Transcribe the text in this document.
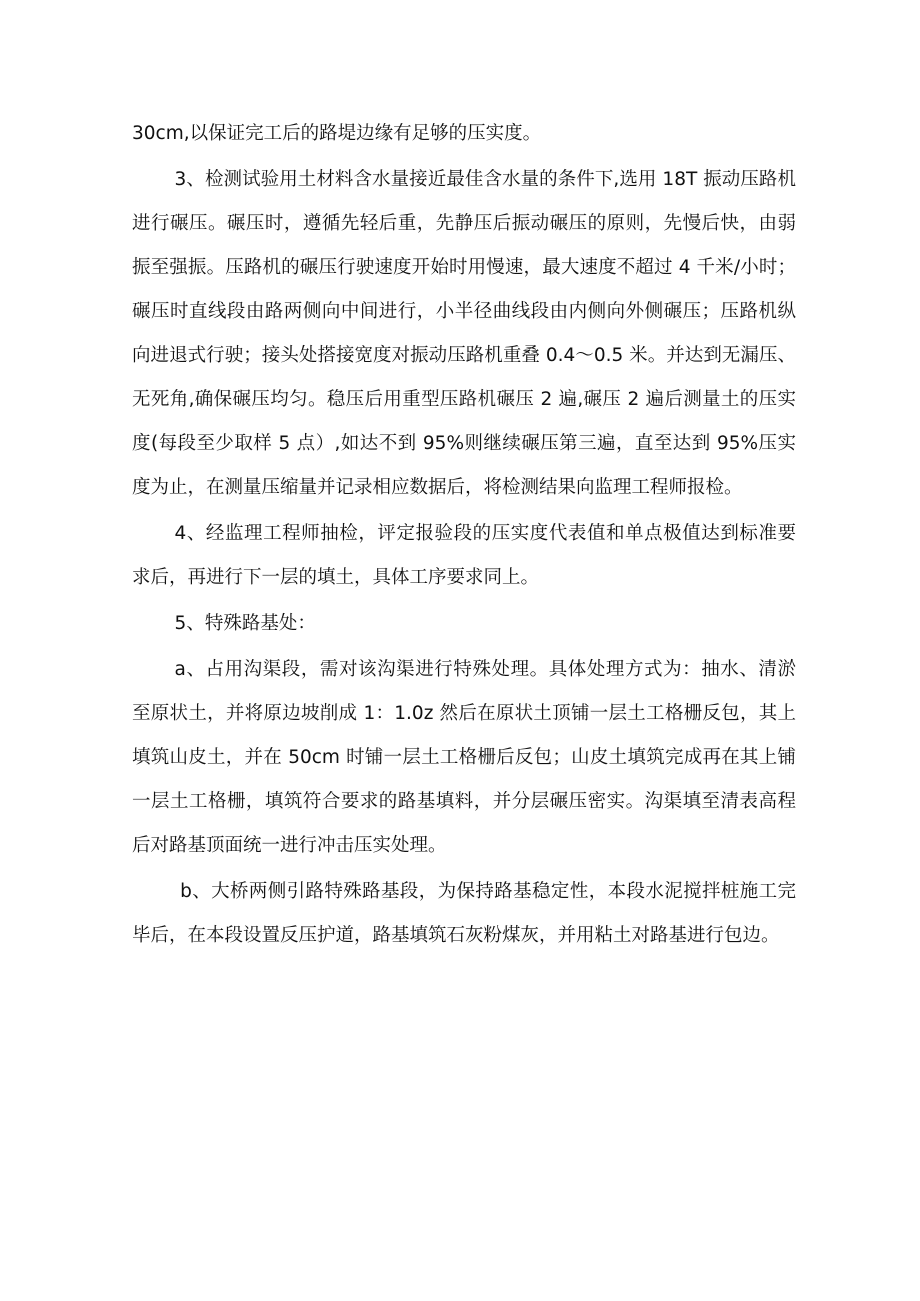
30cm,以保证完工后的路堤边缘有足够的压实度。

3、检测试验用土材料含水量接近最佳含水量的条件下,选用 18T 振动压路机进行碾压。碾压时，遵循先轻后重，先静压后振动碾压的原则，先慢后快，由弱振至强振。压路机的碾压行驶速度开始时用慢速，最大速度不超过 4 千米/小时；碾压时直线段由路两侧向中间进行，小半径曲线段由内侧向外侧碾压；压路机纵向进退式行驶；接头处搭接宽度对振动压路机重叠 0.4～0.5 米。并达到无漏压、无死角,确保碾压均匀。稳压后用重型压路机碾压 2 遍,碾压 2 遍后测量土的压实度(每段至少取样 5 点）,如达不到 95%则继续碾压第三遍，直至达到 95%压实度为止，在测量压缩量并记录相应数据后，将检测结果向监理工程师报检。

4、经监理工程师抽检，评定报验段的压实度代表值和单点极值达到标准要求后，再进行下一层的填土，具体工序要求同上。

5、特殊路基处：

a、占用沟渠段，需对该沟渠进行特殊处理。具体处理方式为：抽水、清淤至原状土，并将原边坡削成 1：1.0z 然后在原状土顶铺一层土工格栅反包，其上填筑山皮土，并在 50cm 时铺一层土工格栅后反包；山皮土填筑完成再在其上铺一层土工格栅，填筑符合要求的路基填料，并分层碾压密实。沟渠填至清表高程后对路基顶面统一进行冲击压实处理。

b、大桥两侧引路特殊路基段，为保持路基稳定性，本段水泥搅拌桩施工完毕后，在本段设置反压护道，路基填筑石灰粉煤灰，并用粘土对路基进行包边。
